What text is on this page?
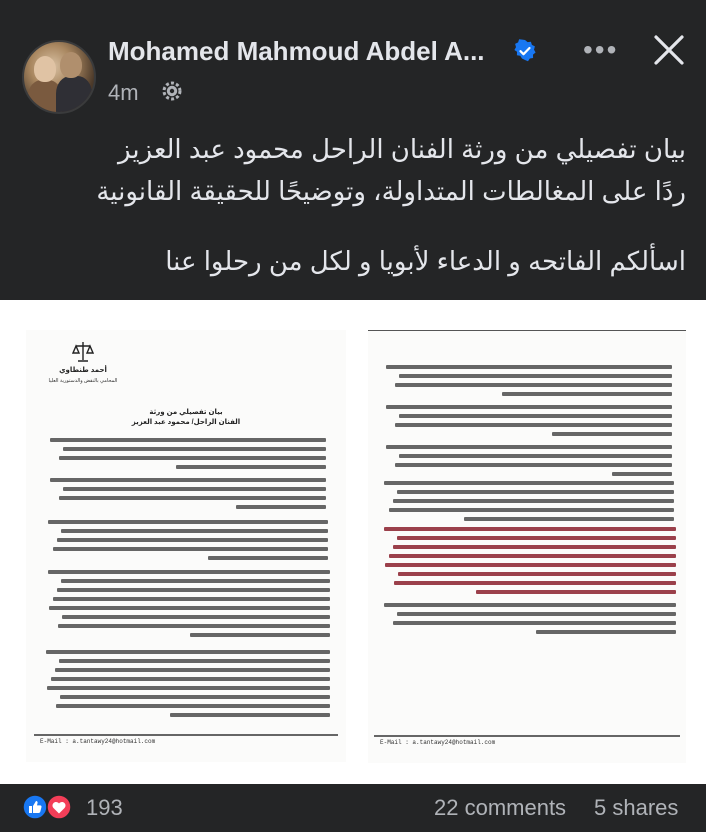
Mohamed Mahmoud Abdel A...	•••
4m

بيان تفصيلي من ورثة الفنان الراحل محمود عبد العزيز

ردًا على المغالطات المتداولة، وتوضيحًا للحقيقة القانونية

اسألكم الفاتحه و الدعاء لأبويا و لكل من رحلوا عنا

أحمد طنطاوي
المحامي بالنقض والدستورية العليا
بيان تفصيلي من ورثة
الفنان الراحل/ محمود عبد العزيز
E-Mail : a.tantawy24@hotmail.com	E-Mail : a.tantawy24@hotmail.com
193	22 comments 5 shares
